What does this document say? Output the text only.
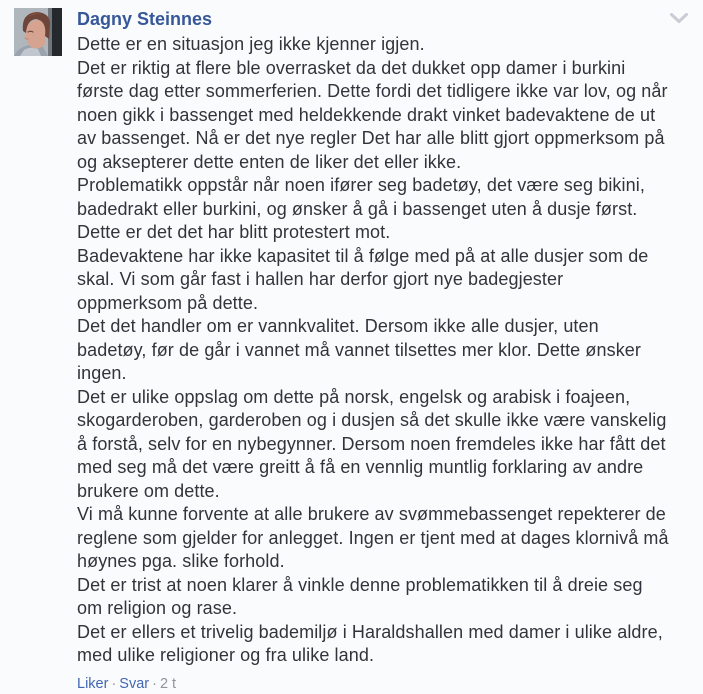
Dagny Steinnes
Dette er en situasjon jeg ikke kjenner igjen.
Det er riktig at flere ble overrasket da det dukket opp damer i burkini første dag etter sommerferien. Dette fordi det tidligere ikke var lov, og når noen gikk i bassenget med heldekkende drakt vinket badevaktene de ut av bassenget. Nå er det nye regler Det har alle blitt gjort oppmerksom på og aksepterer dette enten de liker det eller ikke.
Problematikk oppstår når noen ifører seg badetøy, det være seg bikini, badedrakt eller burkini, og ønsker å gå i bassenget uten å dusje først. Dette er det det har blitt protestert mot.
Badevaktene har ikke kapasitet til å følge med på at alle dusjer som de skal. Vi som går fast i hallen har derfor gjort nye badegjester oppmerksom på dette.
Det det handler om er vannkvalitet. Dersom ikke alle dusjer, uten badetøy, før de går i vannet må vannet tilsettes mer klor. Dette ønsker ingen.
Det er ulike oppslag om dette på norsk, engelsk og arabisk i foajeen, skogarderoben, garderoben og i dusjen så det skulle ikke være vanskelig å forstå, selv for en nybegynner. Dersom noen fremdeles ikke har fått det med seg må det være greitt å få en vennlig muntlig forklaring av andre brukere om dette.
Vi må kunne forvente at alle brukere av svømmebassenget repekterer de reglene som gjelder for anlegget. Ingen er tjent med at dages klornivå må høynes pga. slike forhold.
Det er trist at noen klarer å vinkle denne problematikken til å dreie seg om religion og rase.
Det er ellers et trivelig bademiljø i Haraldshallen med damer i ulike aldre, med ulike religioner og fra ulike land.
Liker · Svar · 2 t
